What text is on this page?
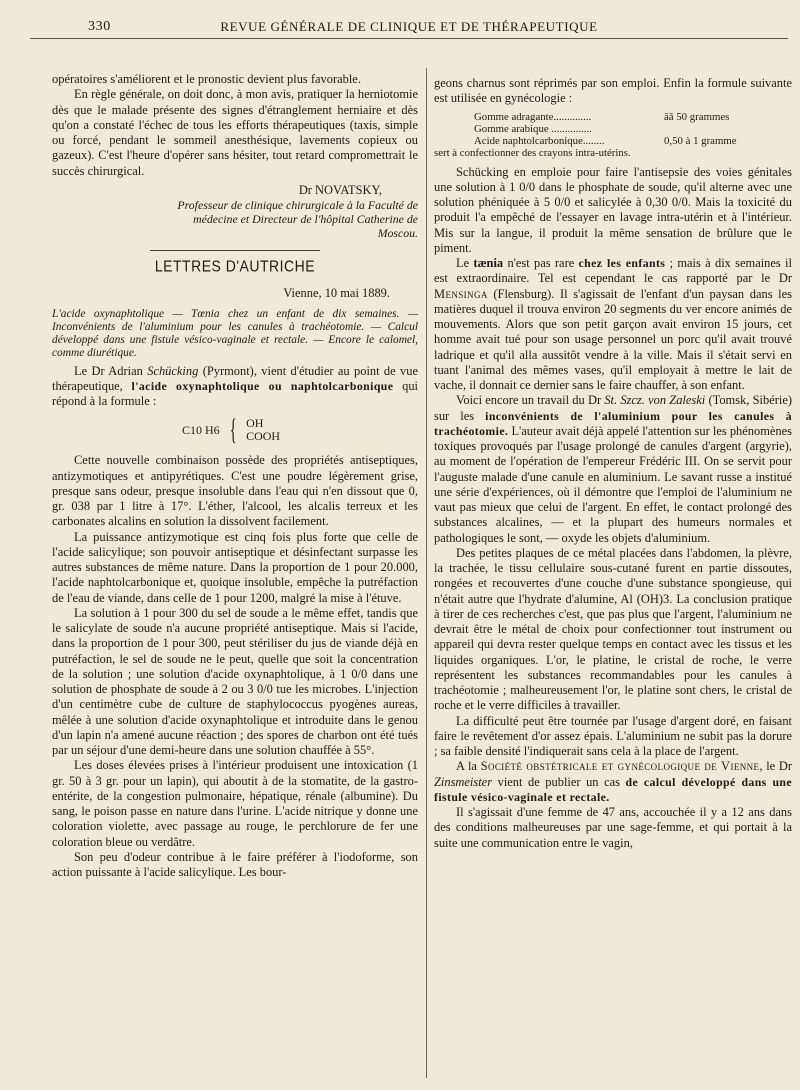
330	REVUE GÉNÉRALE DE CLINIQUE ET DE THÉRAPEUTIQUE

opératoires s'améliorent et le pronostic devient plus favorable.

En règle générale, on doit donc, à mon avis, pratiquer la herniotomie dès que le malade présente des signes d'étranglement herniaire et dès qu'on a constaté l'échec de tous les efforts thérapeutiques (taxis, simple ou forcé, pendant le sommeil anesthésique, lavements copieux ou gazeux). C'est l'heure d'opérer sans hésiter, tout retard compromettrait le succès chirurgical.

Dr NOVATSKY,

Professeur de clinique chirurgicale à la Faculté de médecine et Directeur de l'hôpital Catherine de Moscou.

LETTRES D'AUTRICHE

Vienne, 10 mai 1889.

L'acide oxynaphtolique — Tœnia chez un enfant de dix semaines. — Inconvénients de l'aluminium pour les canules à trachéotomie. — Calcul développé dans une fistule vésico-vaginale et rectale. — Encore le calomel, comme diurétique.

Le Dr Adrian Schücking (Pyrmont), vient d'étudier au point de vue thérapeutique, l'acide oxynaphtolique ou naphtolcarbonique qui répond à la formule :

C10 H6 { OH
COOH

Cette nouvelle combinaison possède des propriétés antiseptiques, antizymotiques et antipyrétiques. C'est une poudre légèrement grise, presque sans odeur, presque insoluble dans l'eau qui n'en dissout que 0, gr. 038 par 1 litre à 17°. L'éther, l'alcool, les alcalis terreux et les carbonates alcalins en solution la dissolvent facilement.

La puissance antizymotique est cinq fois plus forte que celle de l'acide salicylique; son pouvoir antiseptique et désinfectant surpasse les autres substances de même nature. Dans la proportion de 1 pour 20.000, l'acide naphtolcarbonique et, quoique insoluble, empêche la putréfaction de l'eau de viande, dans celle de 1 pour 1200, malgré la mise à l'étuve.

La solution à 1 pour 300 du sel de soude a le même effet, tandis que le salicylate de soude n'a aucune propriété antiseptique. Mais si l'acide, dans la proportion de 1 pour 300, peut stériliser du jus de viande déjà en putréfaction, le sel de soude ne le peut, quelle que soit la concentration de la solution ; une solution d'acide oxynaphtolique, à 1 0/0 dans une solution de phosphate de soude à 2 ou 3 0/0 tue les microbes. L'injection d'un centimètre cube de culture de staphylococcus pyogènes aureas, mêlée à une solution d'acide oxynaphtolique et introduite dans le genou d'un lapin n'a amené aucune réaction ; des spores de charbon ont été tués par un séjour d'une demi-heure dans une solution chauffée à 55°.

Les doses élevées prises à l'intérieur produisent une intoxication (1 gr. 50 à 3 gr. pour un lapin), qui aboutit à de la stomatite, de la gastro-entérite, de la congestion pulmonaire, hépatique, rénale (albumine). Du sang, le poison passe en nature dans l'urine. L'acide nitrique y donne une coloration violette, avec passage au rouge, le perchlorure de fer une coloration bleue ou verdâtre.

Son peu d'odeur contribue à le faire préférer à l'iodoforme, son action puissante à l'acide salicylique. Les bour-

geons charnus sont réprimés par son emploi. Enfin la formule suivante est utilisée en gynécologie :

Gomme adragante..............	āā 50 grammes
Gomme arabique ...............
Acide naphtolcarbonique........	0,50 à 1 gramme
sert à confectionner des crayons intra-utérins.

Schücking en emploie pour faire l'antisepsie des voies génitales une solution à 1 0/0 dans le phosphate de soude, qu'il alterne avec une solution phéniquée à 5 0/0 et salicylée à 0,30 0/0. Mais la toxicité du produit l'a empêché de l'essayer en lavage intra-utérin et à l'intérieur. Mis sur la langue, il produit la même sensation de brûlure que le piment.

Le tænia n'est pas rare chez les enfants ; mais à dix semaines il est extraordinaire. Tel est cependant le cas rapporté par le Dr Mensinga (Flensburg). Il s'agissait de l'enfant d'un paysan dans les matières duquel il trouva environ 20 segments du ver encore animés de mouvements. Alors que son petit garçon avait environ 15 jours, cet homme avait tué pour son usage personnel un porc qu'il avait trouvé ladrique et qu'il alla aussitôt vendre à la ville. Mais il s'était servi en tuant l'animal des mêmes vases, qu'il employait à mettre le lait de vache, il donnait ce dernier sans le faire chauffer, à son enfant.

Voici encore un travail du Dr St. Szcz. von Zaleski (Tomsk, Sibérie) sur les inconvénients de l'aluminium pour les canules à trachéotomie. L'auteur avait déjà appelé l'attention sur les phénomènes toxiques provoqués par l'usage prolongé de canules d'argent (argyrie), au moment de l'opération de l'empereur Frédéric III. On se servit pour l'auguste malade d'une canule en aluminium. Le savant russe a institué une série d'expériences, où il démontre que l'emploi de l'aluminium ne vaut pas mieux que celui de l'argent. En effet, le contact prolongé des substances alcalines, — et la plupart des humeurs normales et pathologiques le sont, — oxyde les objets d'aluminium.

Des petites plaques de ce métal placées dans l'abdomen, la plèvre, la trachée, le tissu cellulaire sous-cutané furent en partie dissoutes, rongées et recouvertes d'une couche d'une substance spongieuse, qui n'était autre que l'hydrate d'alumine, Al (OH)3. La conclusion pratique à tirer de ces recherches c'est, que pas plus que l'argent, l'aluminium ne devrait être le métal de choix pour confectionner tout instrument ou appareil qui devra rester quelque temps en contact avec les tissus et les liquides organiques. L'or, le platine, le cristal de roche, le verre représentent les substances recommandables pour les canules à trachéotomie ; malheureusement l'or, le platine sont chers, le cristal de roche et le verre difficiles à travailler.

La difficulté peut être tournée par l'usage d'argent doré, en faisant faire le revêtement d'or assez épais. L'aluminium ne subit pas la dorure ; sa faible densité l'indiquerait sans cela à la place de l'argent.

A la Société obstétricale et gynécologique de Vienne, le Dr Zinsmeister vient de publier un cas de calcul développé dans une fistule vésico-vaginale et rectale.

Il s'agissait d'une femme de 47 ans, accouchée il y a 12 ans dans des conditions malheureuses par une sage-femme, et qui portait à la suite une communication entre le vagin,
